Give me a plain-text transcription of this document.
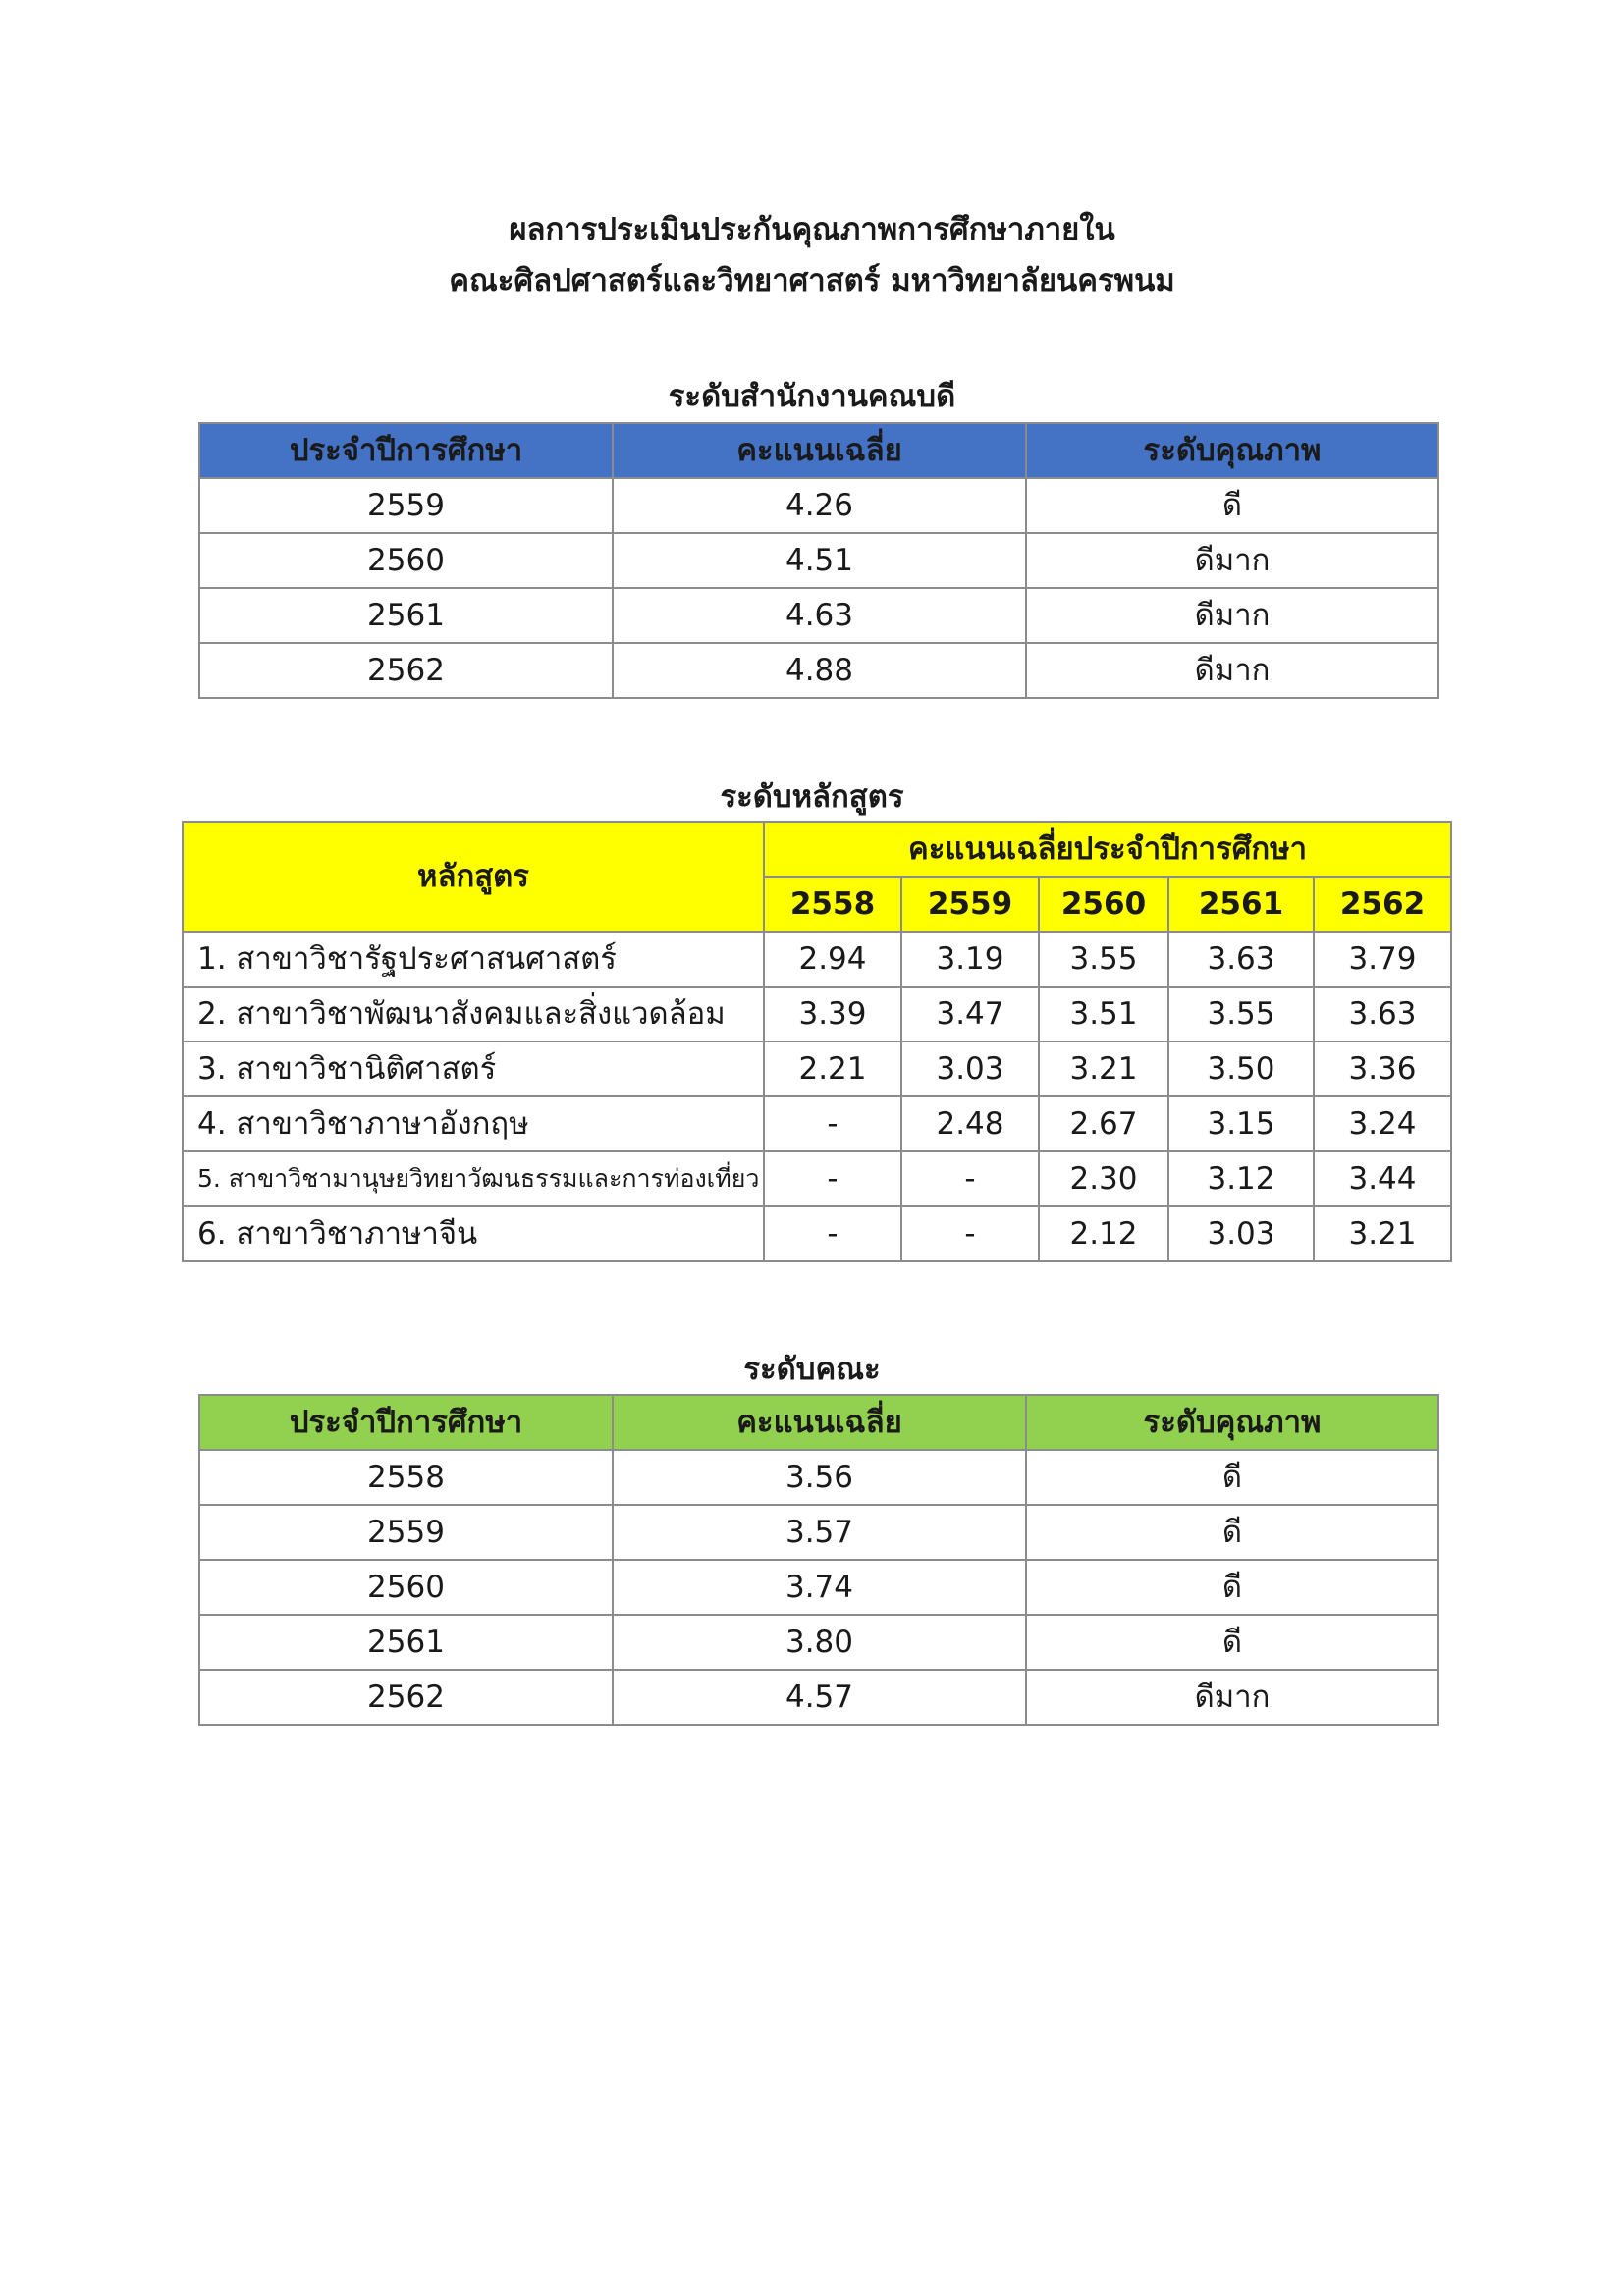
ผลการประเมินประกันคุณภาพการศึกษาภายใน
คณะศิลปศาสตร์และวิทยาศาสตร์ มหาวิทยาลัยนครพนม
ระดับสำนักงานคณบดี
ประจำปีการศึกษา	คะแนนเฉลี่ย	ระดับคุณภาพ
2559	4.26	ดี
2560	4.51	ดีมาก
2561	4.63	ดีมาก
2562	4.88	ดีมาก
ระดับหลักสูตร
หลักสูตร	คะแนนเฉลี่ยประจำปีการศึกษา				
	2558	2559	2560	2561	2562
1. สาขาวิชารัฐประศาสนศาสตร์	2.94	3.19	3.55	3.63	3.79
2. สาขาวิชาพัฒนาสังคมและสิ่งแวดล้อม	3.39	3.47	3.51	3.55	3.63
3. สาขาวิชานิติศาสตร์	2.21	3.03	3.21	3.50	3.36
4. สาขาวิชาภาษาอังกฤษ	-	2.48	2.67	3.15	3.24
5. สาขาวิชามานุษยวิทยาวัฒนธรรมและการท่องเที่ยว	-	-	2.30	3.12	3.44
6. สาขาวิชาภาษาจีน	-	-	2.12	3.03	3.21
ระดับคณะ
ประจำปีการศึกษา	คะแนนเฉลี่ย	ระดับคุณภาพ
2558	3.56	ดี
2559	3.57	ดี
2560	3.74	ดี
2561	3.80	ดี
2562	4.57	ดีมาก
